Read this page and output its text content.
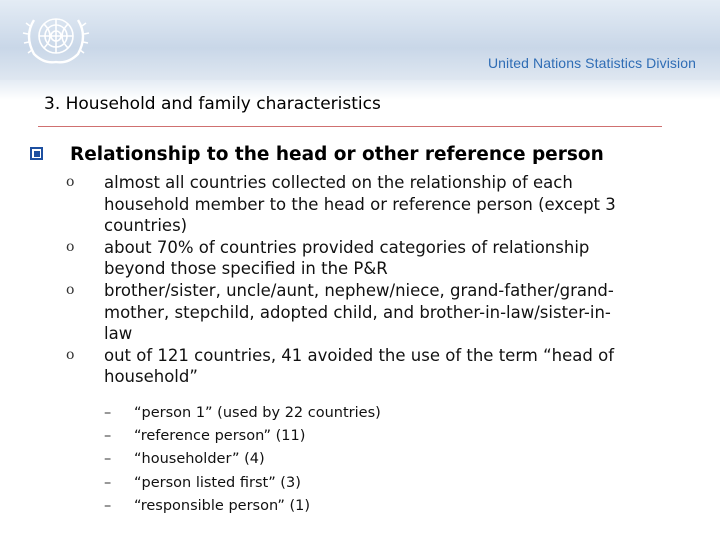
United Nations Statistics Division
3. Household and family characteristics
Relationship to the head or other reference person
o almost all countries collected on the relationship of each
household member to the head or reference person (except 3
countries)
o about 70% of countries provided categories of relationship
beyond those specified in the P&R
o brother/sister, uncle/aunt, nephew/niece, grand-father/grand-
mother, stepchild, adopted child, and brother-in-law/sister-in-
law
o out of 121 countries, 41 avoided the use of the term “head of
household”
– “person 1” (used by 22 countries)
– “reference person” (11)
– “householder” (4)
– “person listed first” (3)
– “responsible person” (1)
